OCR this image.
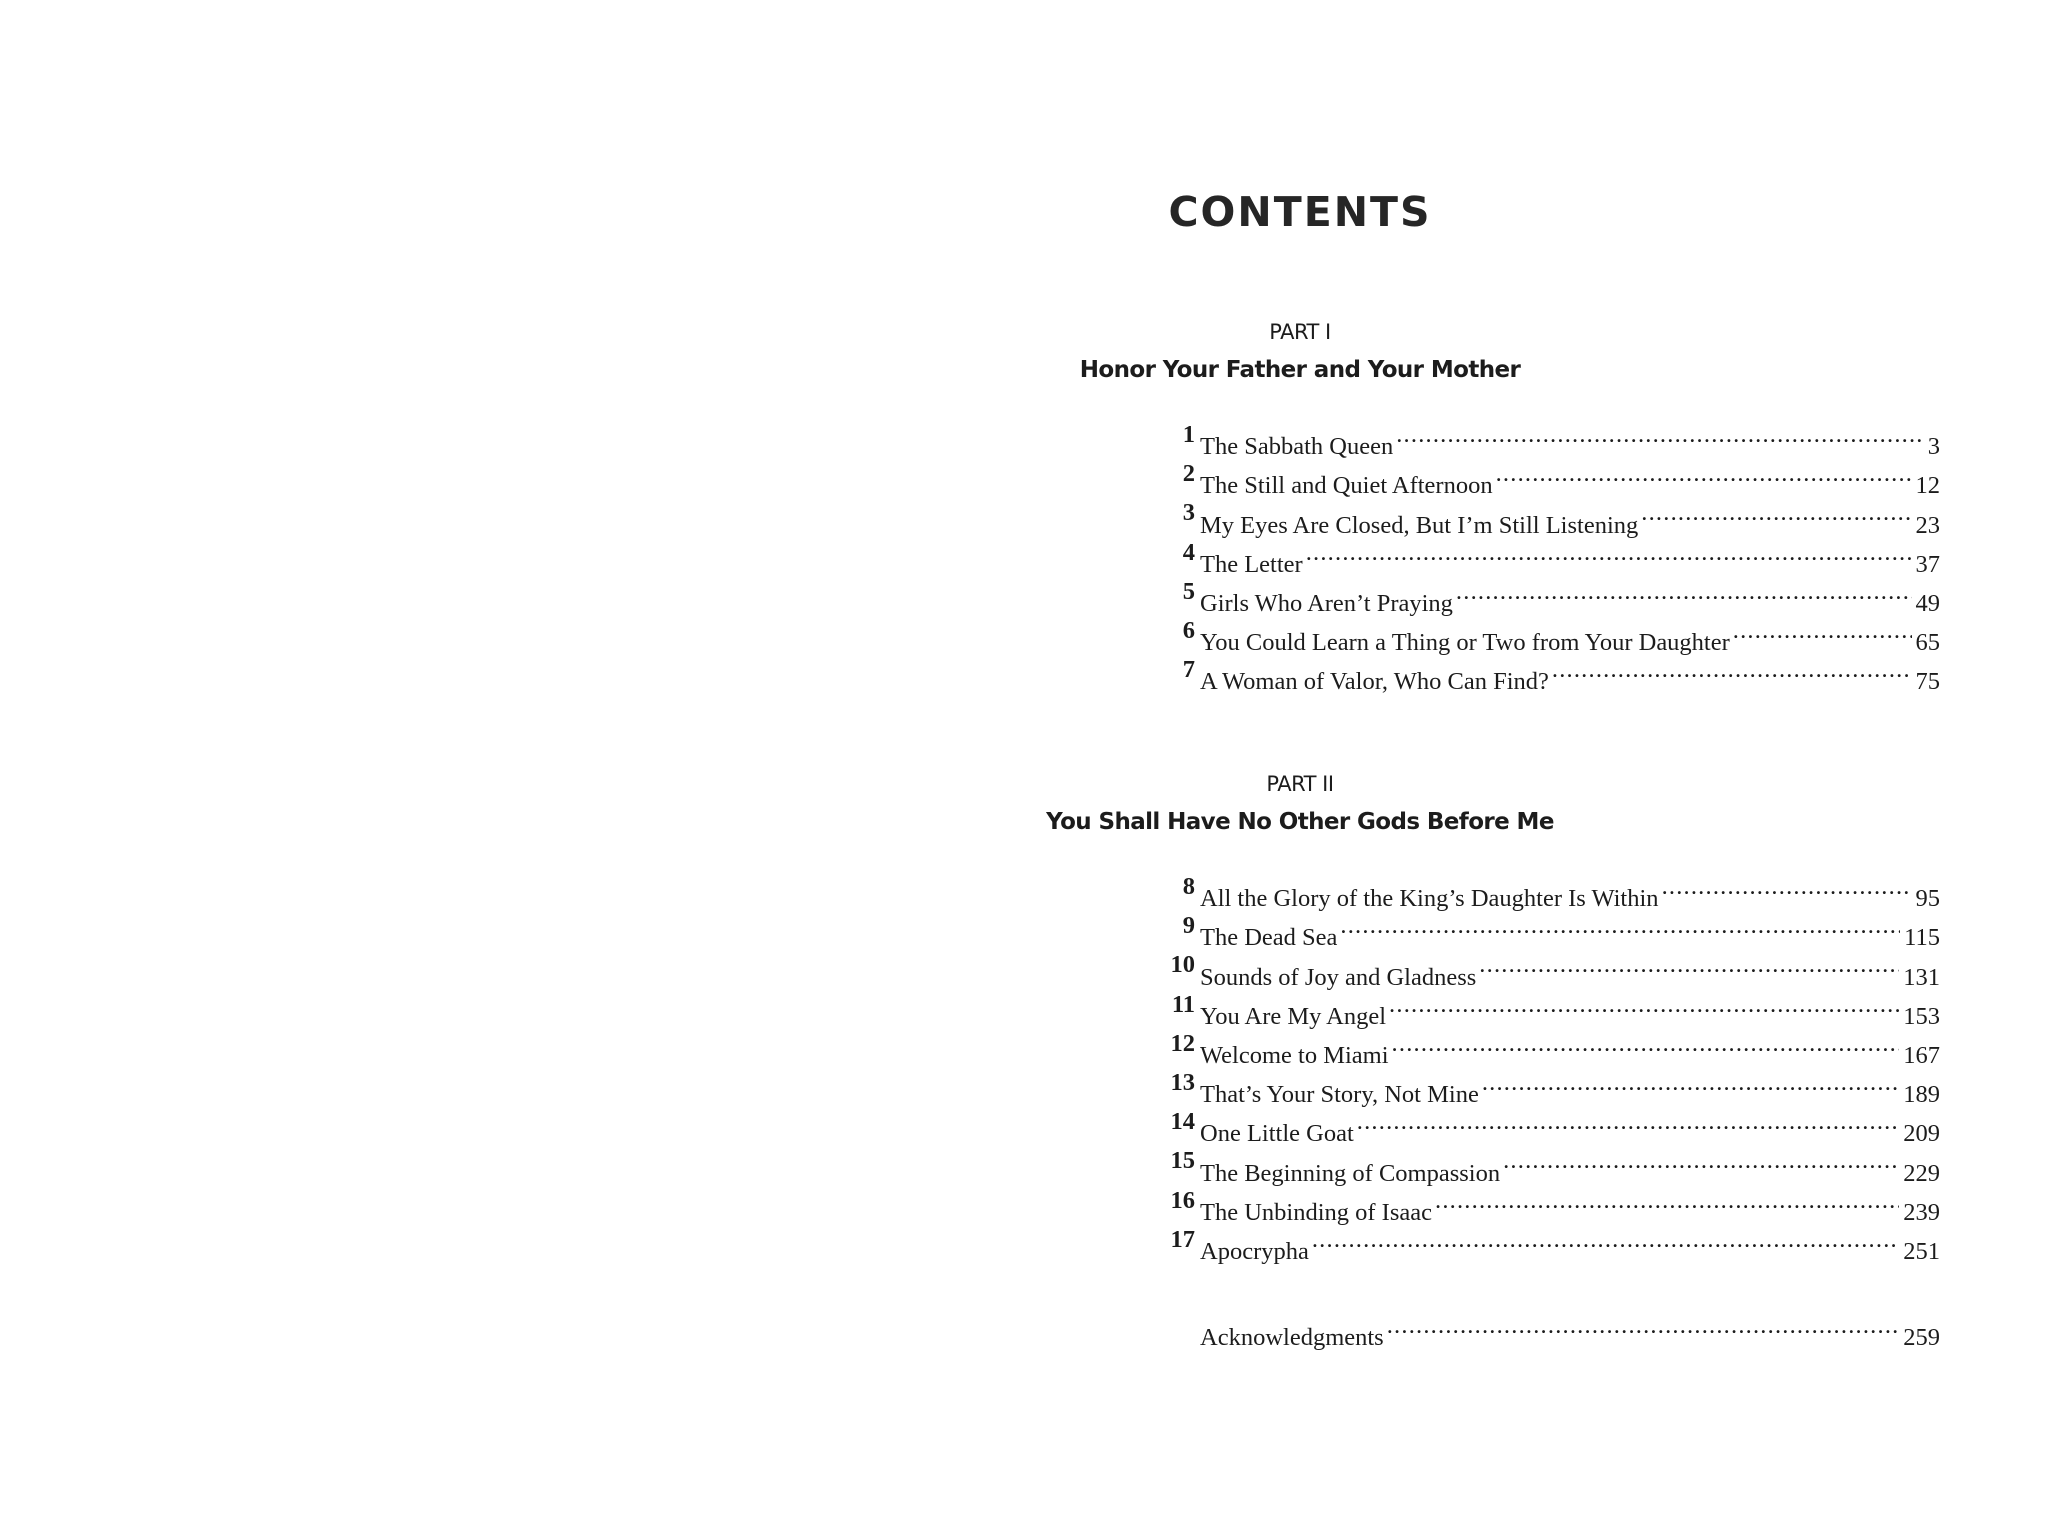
CONTENTS
PART I
Honor Your Father and Your Mother
1 The Sabbath Queen .....	3
2 The Still and Quiet Afternoon .....	12
3 My Eyes Are Closed, But I’m Still Listening .....	23
4 The Letter .....	37
5 Girls Who Aren’t Praying .....	49
6 You Could Learn a Thing or Two from Your Daughter .....	65
7 A Woman of Valor, Who Can Find? .....	75
PART II
You Shall Have No Other Gods Before Me
8 All the Glory of the King’s Daughter Is Within .....	95
9 The Dead Sea .....	115
10 Sounds of Joy and Gladness .....	131
11 You Are My Angel .....	153
12 Welcome to Miami .....	167
13 That’s Your Story, Not Mine .....	189
14 One Little Goat .....	209
15 The Beginning of Compassion .....	229
16 The Unbinding of Isaac .....	239
17 Apocrypha .....	251
Acknowledgments .....	259
